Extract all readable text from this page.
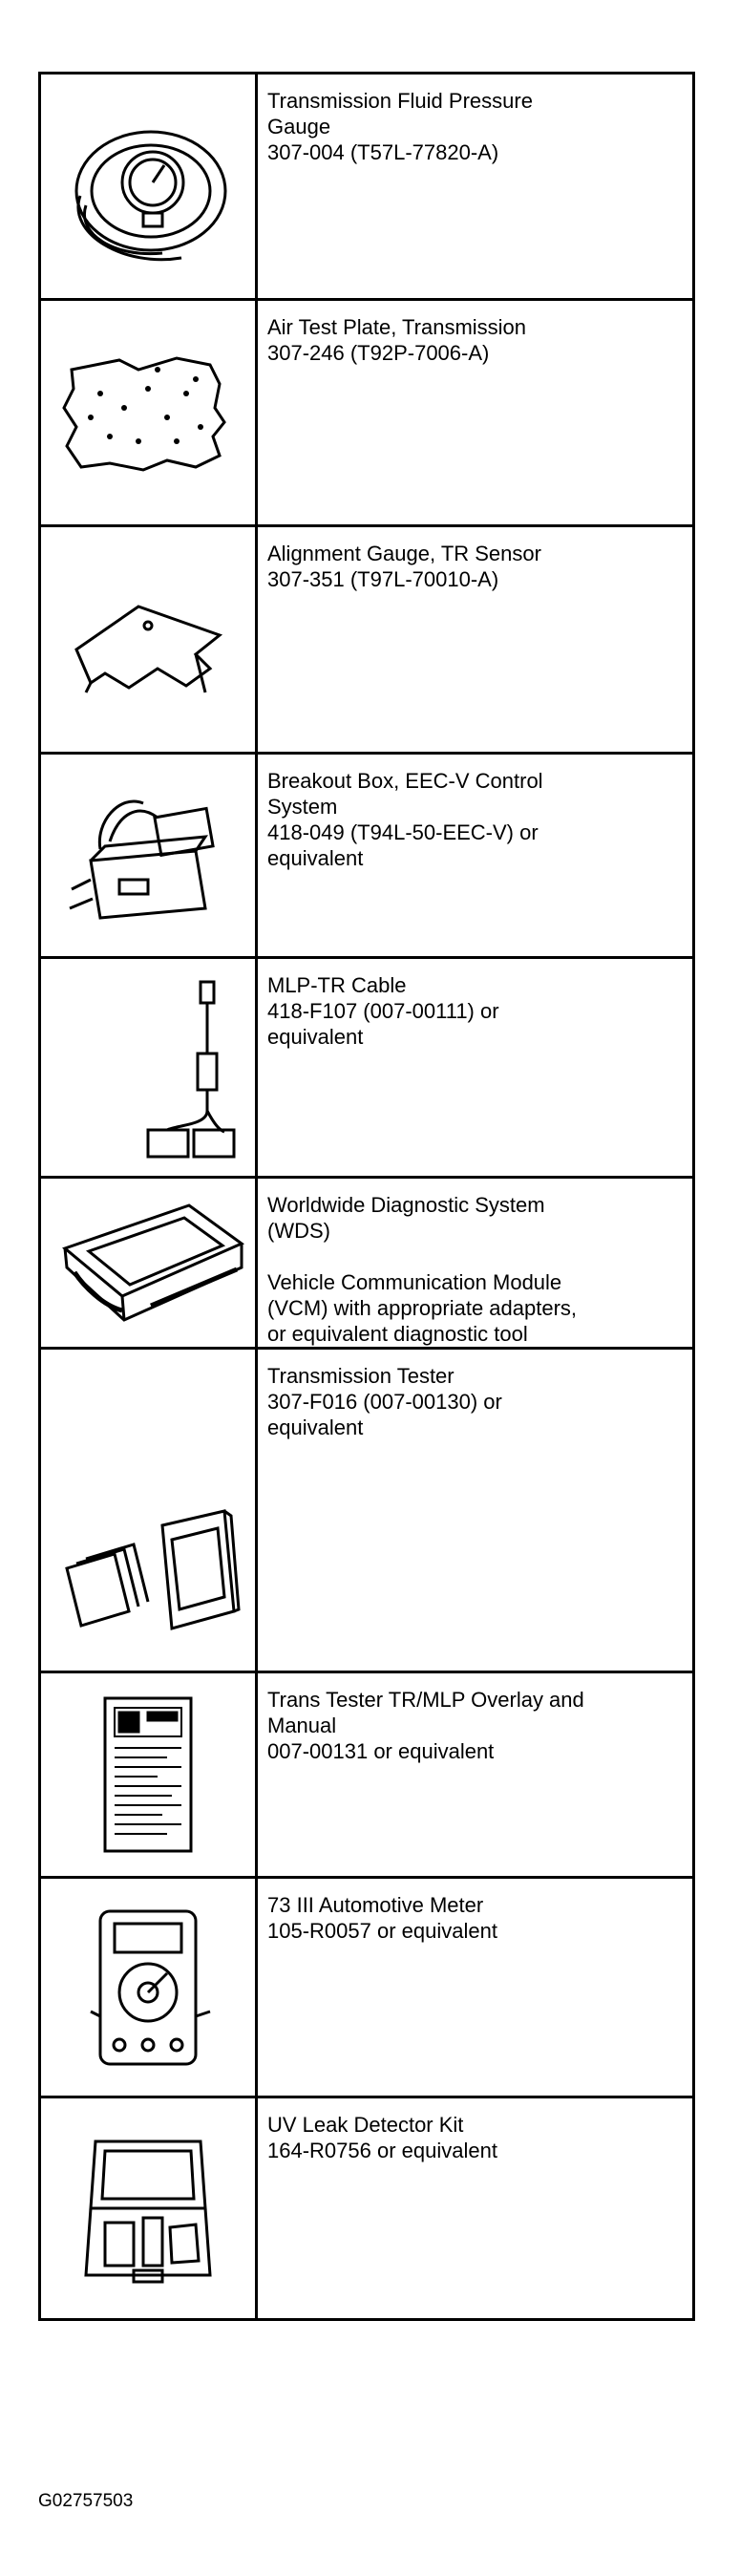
Transmission Fluid Pressure
Gauge
307-004 (T57L-77820-A)

Air Test Plate, Transmission
307-246 (T92P-7006-A)

Alignment Gauge, TR Sensor
307-351 (T97L-70010-A)

Breakout Box, EEC-V Control
System
418-049 (T94L-50-EEC-V) or
equivalent

MLP-TR Cable
418-F107 (007-00111) or
equivalent

Worldwide Diagnostic System
(WDS)
Vehicle Communication Module
(VCM) with appropriate adapters,
or equivalent diagnostic tool

Transmission Tester
307-F016 (007-00130) or
equivalent

Trans Tester TR/MLP Overlay and
Manual
007-00131 or equivalent

73 III Automotive Meter
105-R0057 or equivalent

UV Leak Detector Kit
164-R0756 or equivalent
G02757503
